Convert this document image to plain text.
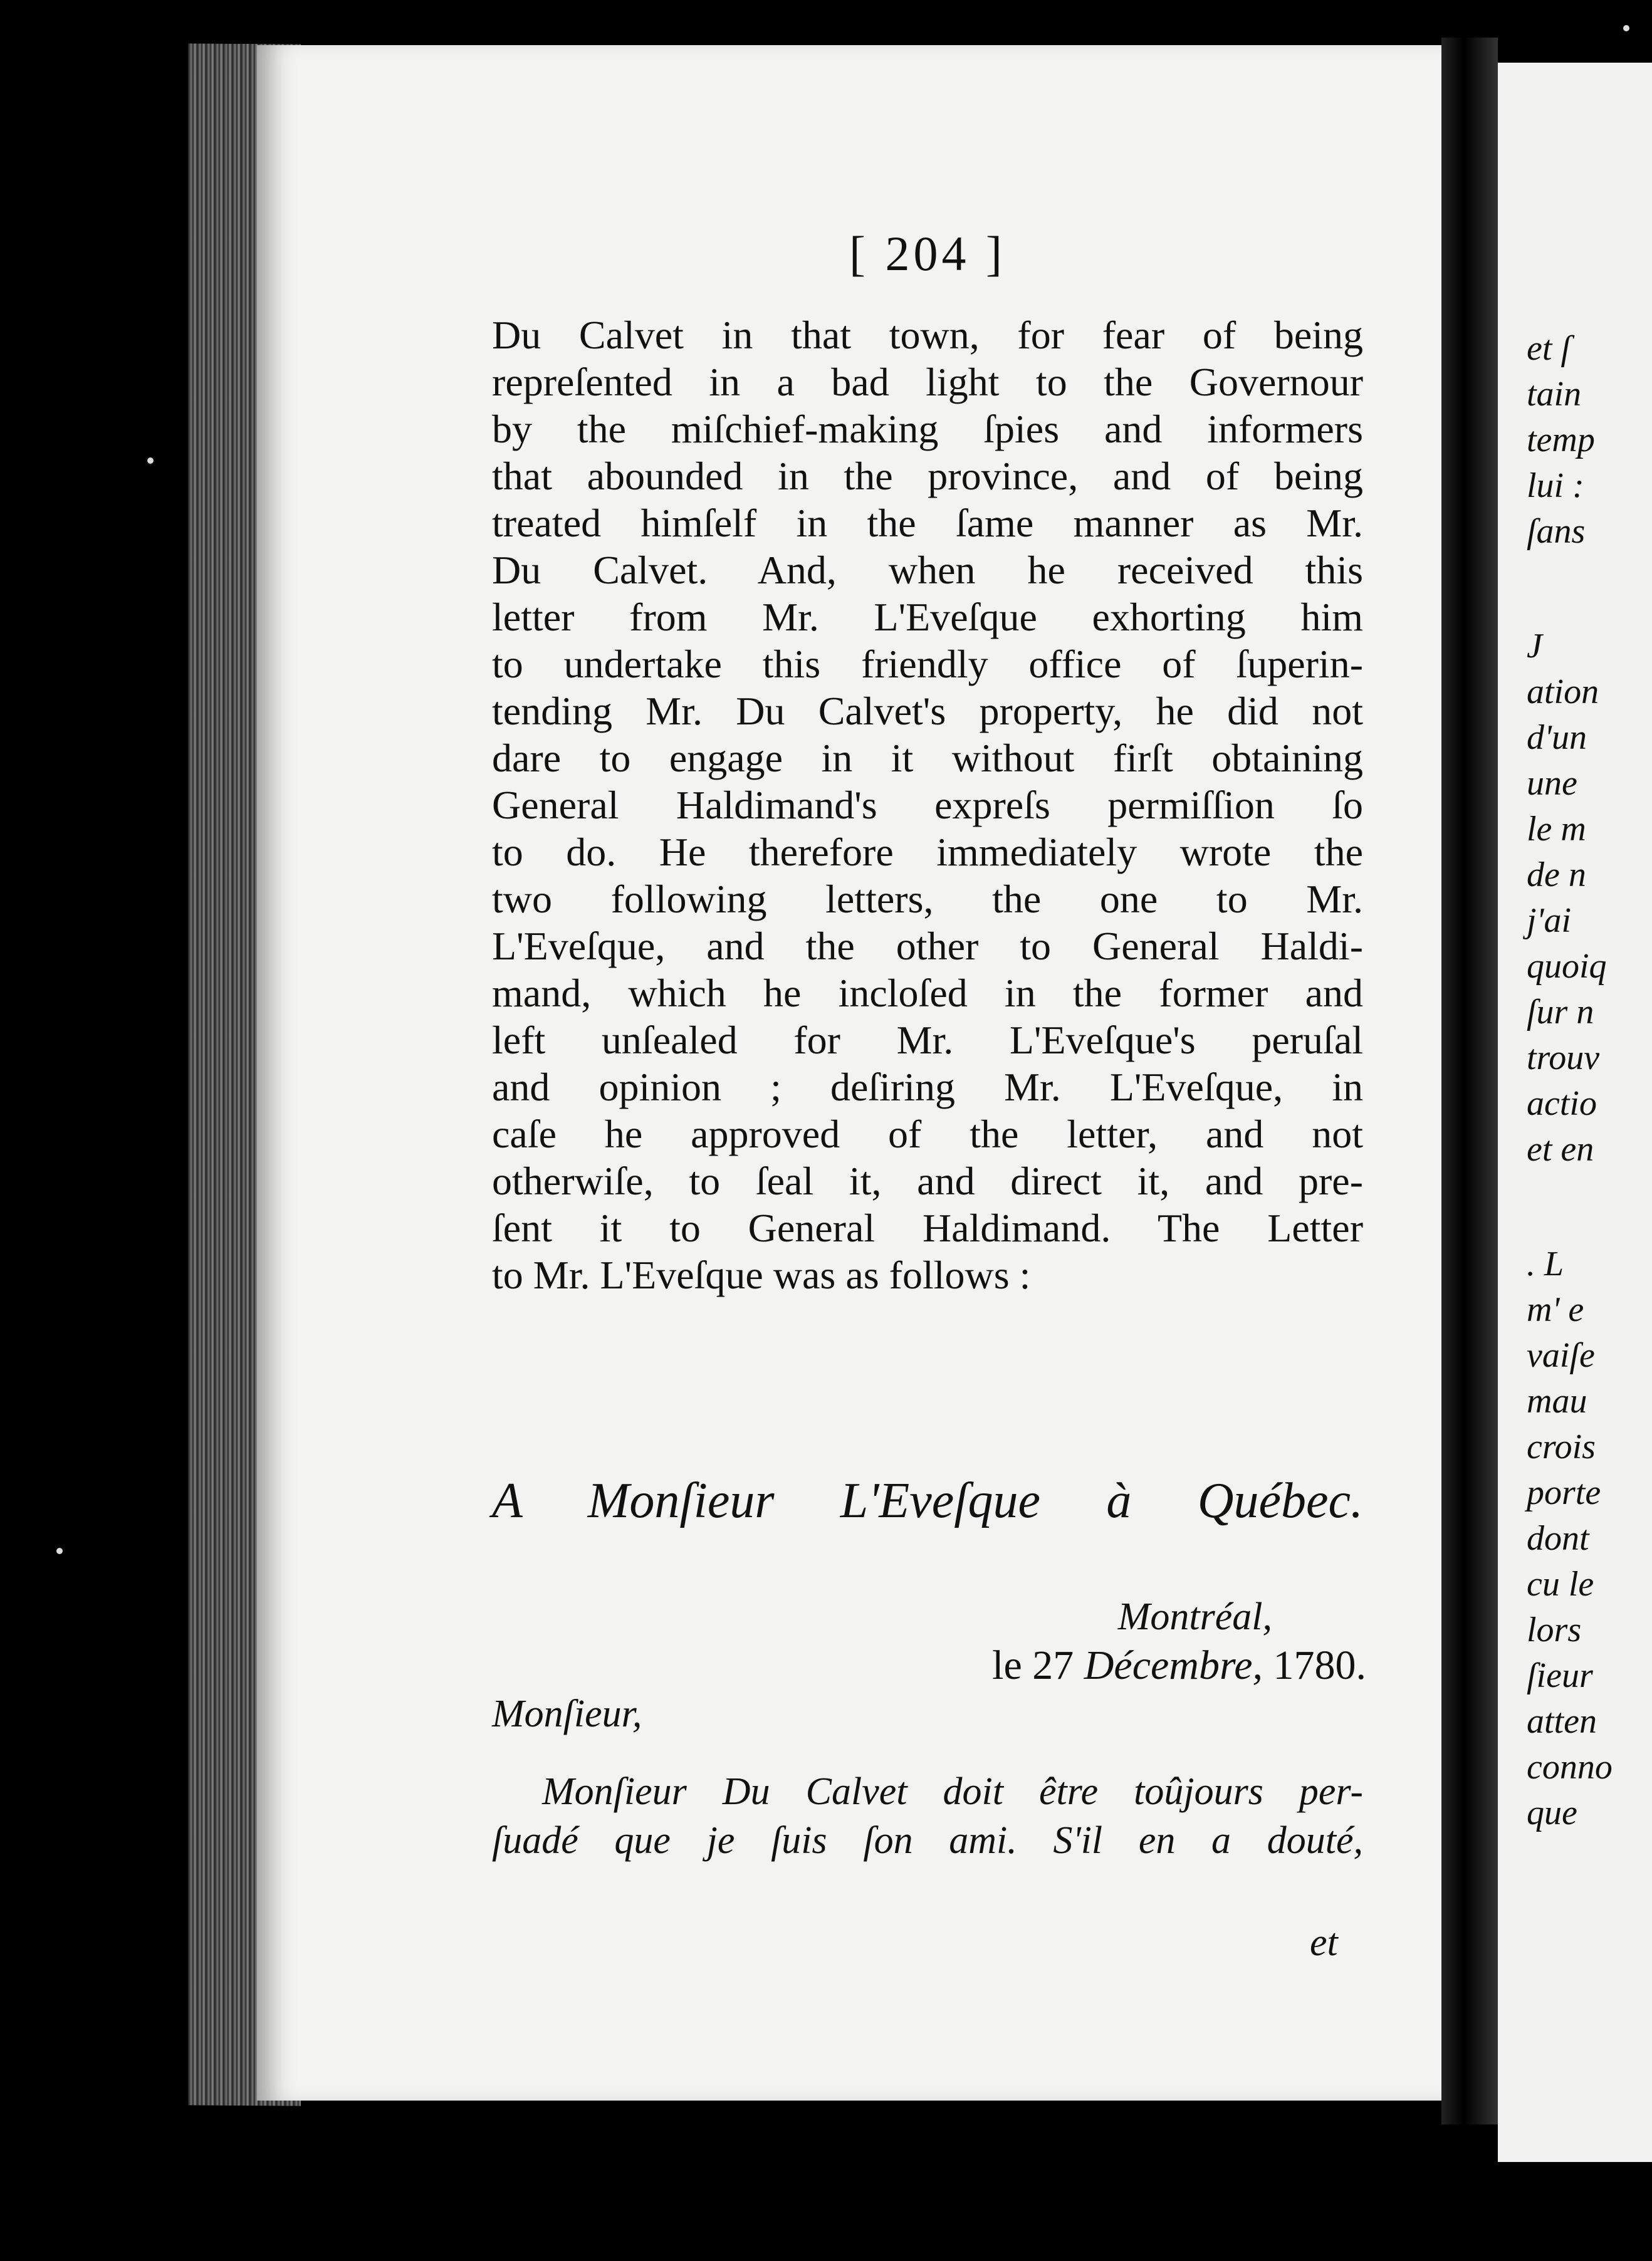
[ 204 ]
Du Calvet in that town, for fear of being
repreſented in a bad light to the Governour
by the miſchief-making ſpies and informers
that abounded in the province, and of being
treated himſelf in the ſame manner as Mr.
Du Calvet. And, when he received this
letter from Mr. L'Eveſque exhorting him
to undertake this friendly office of ſuperin-
tending Mr. Du Calvet's property, he did not
dare to engage in it without firſt obtaining
General Haldimand's expreſs permiſſion ſo
to do. He therefore immediately wrote the
two following letters, the one to Mr.
L'Eveſque, and the other to General Haldi-
mand, which he incloſed in the former and
left unſealed for Mr. L'Eveſque's peruſal
and opinion ; deſiring Mr. L'Eveſque, in
caſe he approved of the letter, and not
otherwiſe, to ſeal it, and direct it, and pre-
ſent it to General Haldimand. The Letter
to Mr. L'Eveſque was as follows :
A Monſieur L'Eveſque à Québec.
Montréal,
le 27 Décembre, 1780.
Monſieur,
Monſieur Du Calvet doit être toûjours per-
ſuadé que je ſuis ſon ami. S'il en a douté,
et
et ſ
tain
temp
lui :
ſans
J
ation
d'un
une
le m
de n
j'ai
quoiq
ſur n
trouv
actio
et en
. L
m' e
vaiſe
mau
crois
porte
dont
cu le
lors
ſieur
atten
conno
que
